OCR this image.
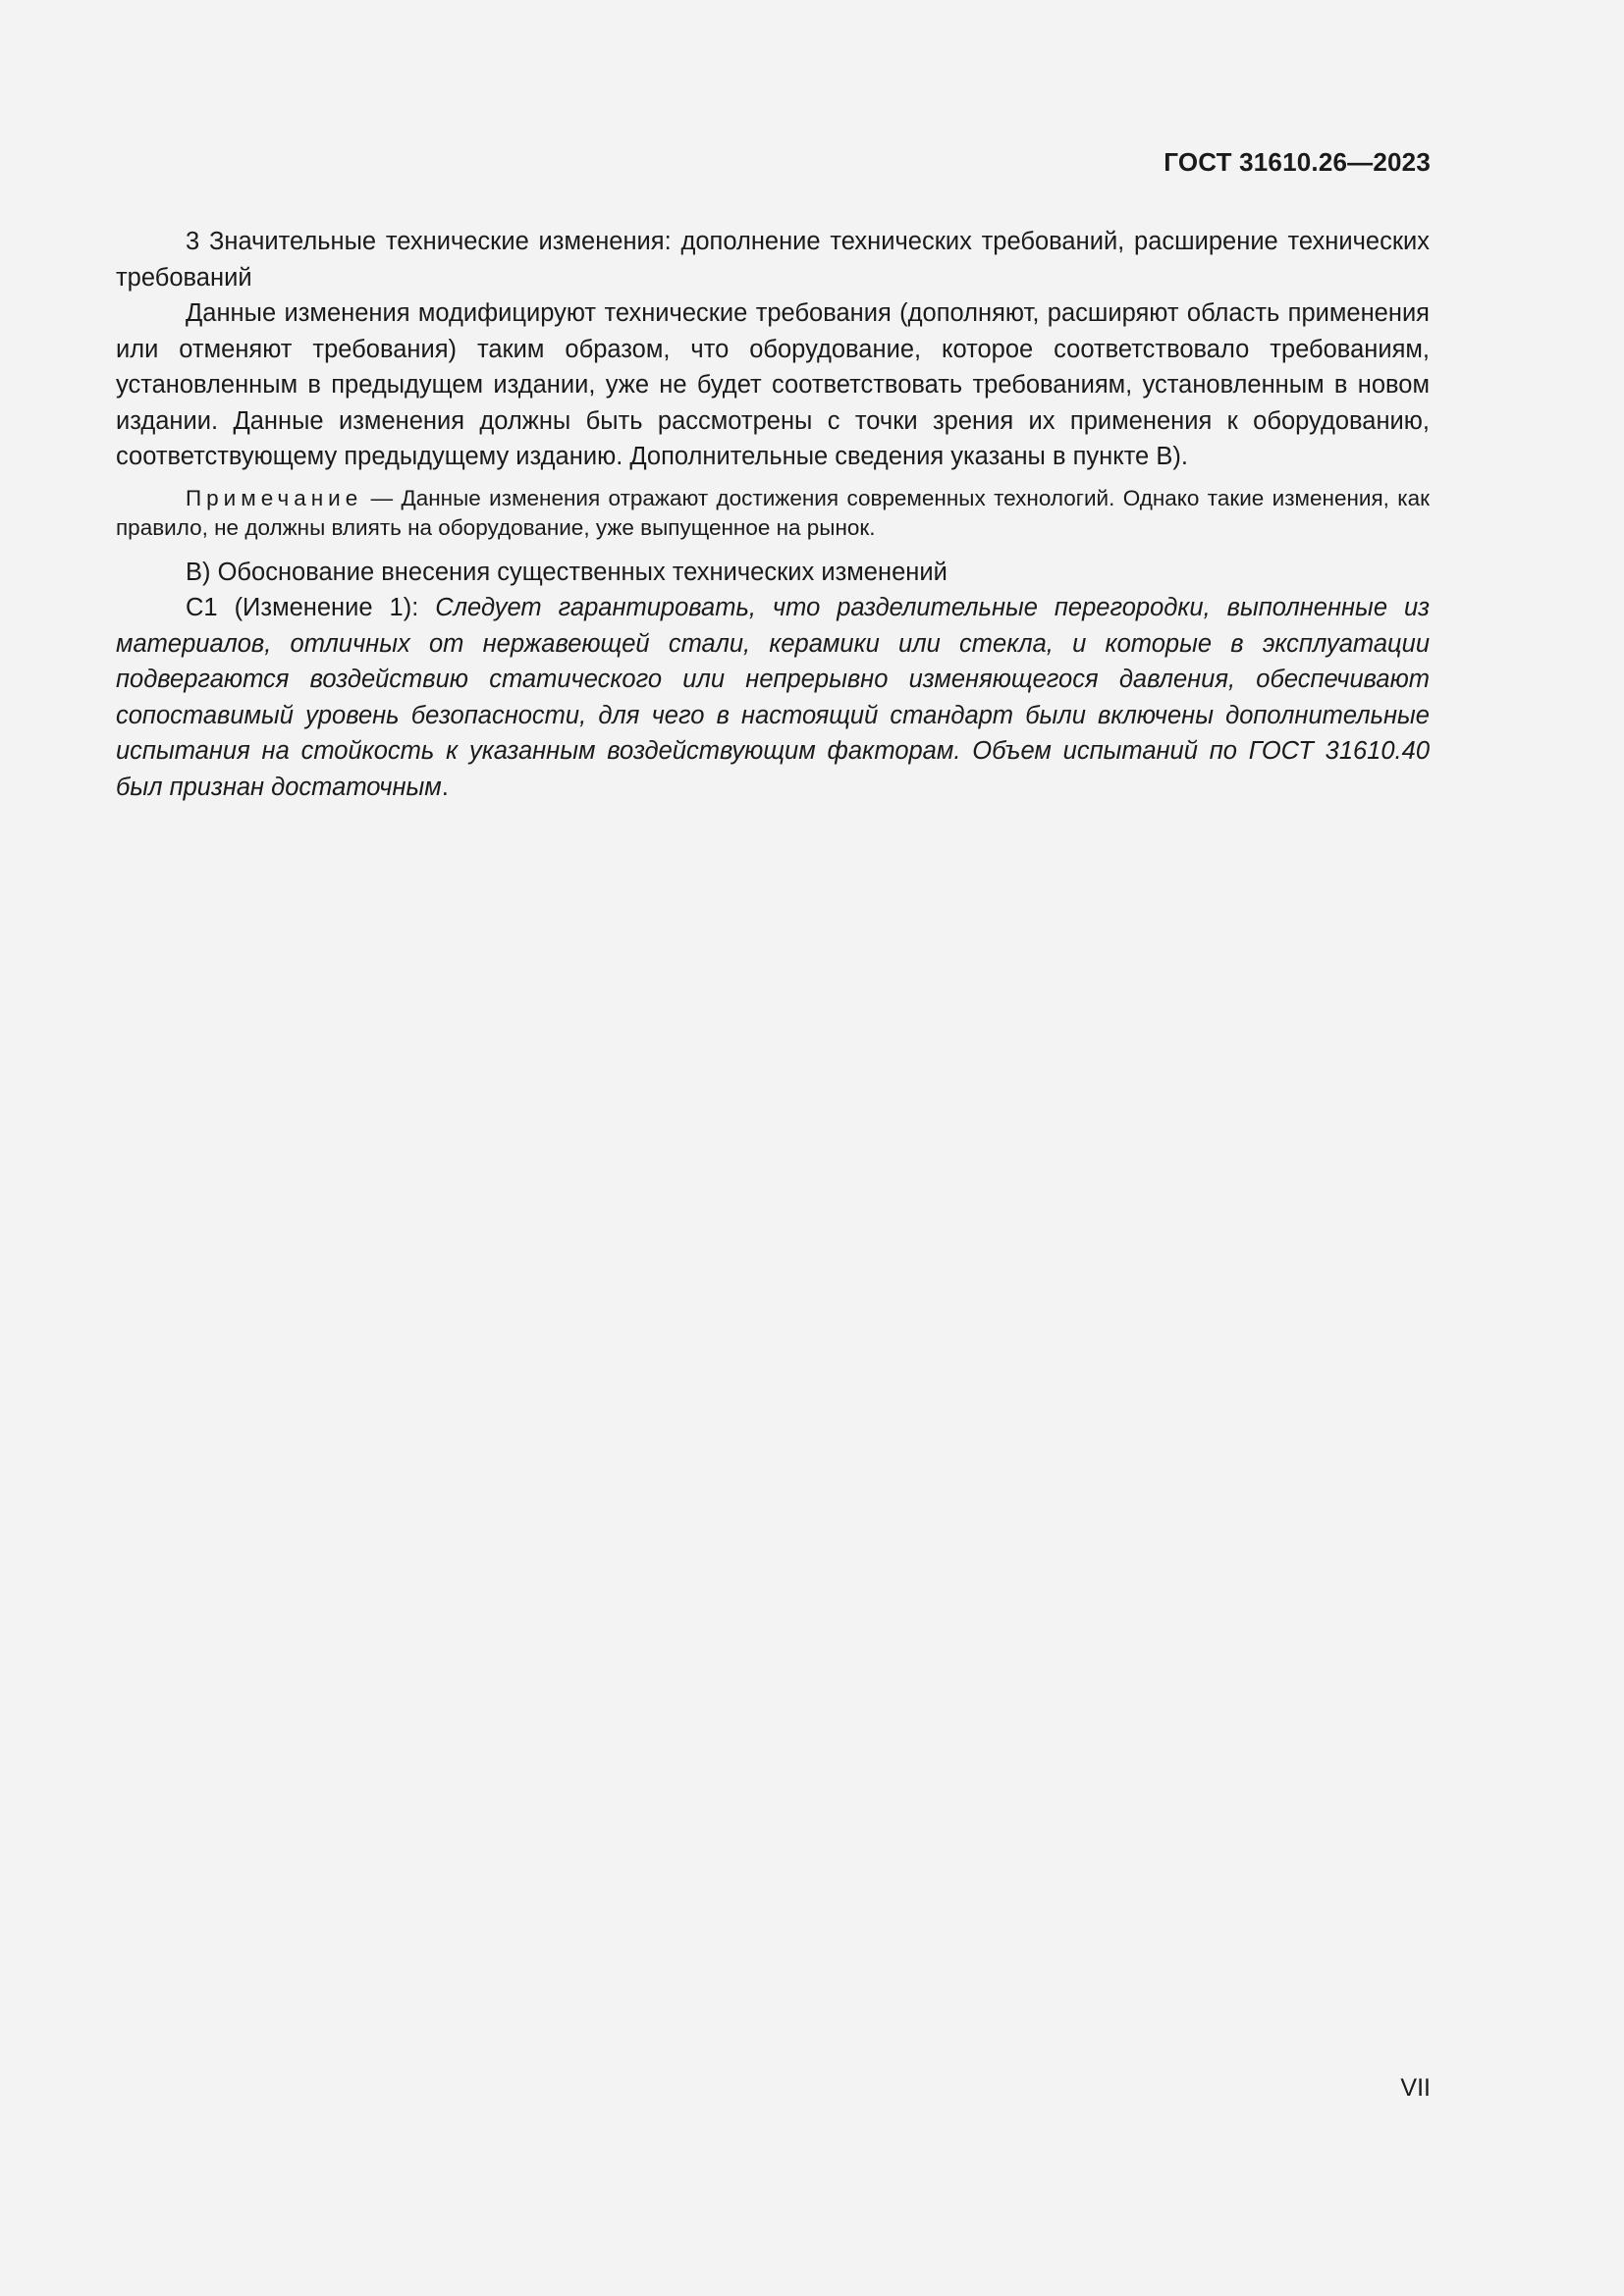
ГОСТ 31610.26—2023

3 Значительные технические изменения: дополнение технических требований, расширение технических требований

Данные изменения модифицируют технические требования (дополняют, расширяют область применения или отменяют требования) таким образом, что оборудование, которое соответствовало требованиям, установленным в предыдущем издании, уже не будет соответствовать требованиям, установленным в новом издании. Данные изменения должны быть рассмотрены с точки зрения их применения к оборудованию, соответствующему предыдущему изданию. Дополнительные сведения указаны в пункте В).

Примечание — Данные изменения отражают достижения современных технологий. Однако такие изменения, как правило, не должны влиять на оборудование, уже выпущенное на рынок.

В) Обоснование внесения существенных технических изменений

С1 (Изменение 1): Следует гарантировать, что разделительные перегородки, выполненные из материалов, отличных от нержавеющей стали, керамики или стекла, и которые в эксплуатации подвергаются воздействию статического или непрерывно изменяющегося давления, обеспечивают сопоставимый уровень безопасности, для чего в настоящий стандарт были включены дополнительные испытания на стойкость к указанным воздействующим факторам. Объем испытаний по ГОСТ 31610.40 был признан достаточным.

VII
